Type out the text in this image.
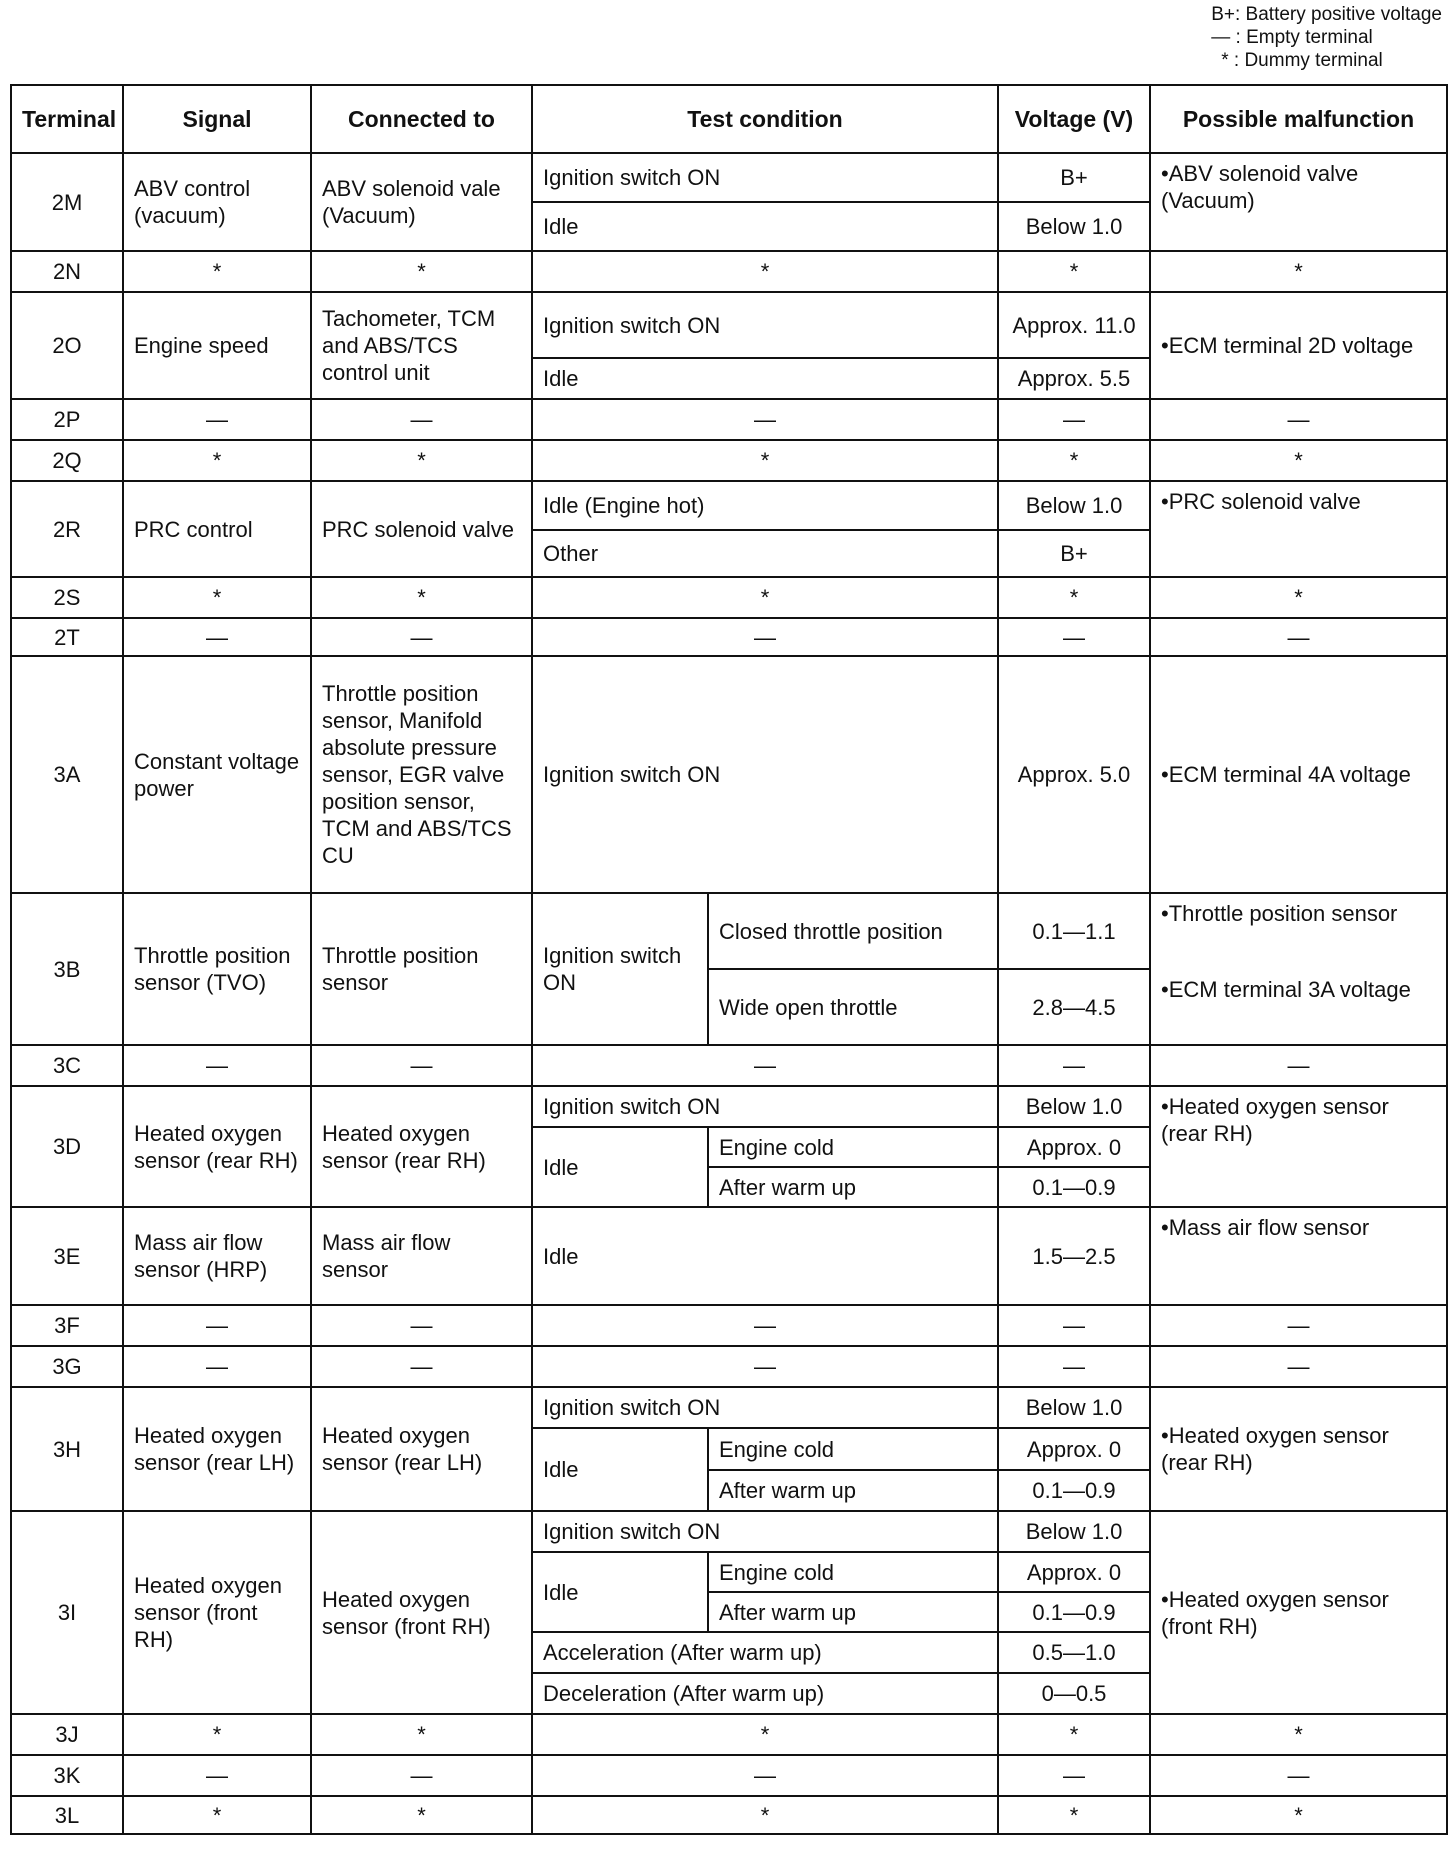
B+: Battery positive voltage
— : Empty terminal
* : Dummy terminal
Terminal	Signal	Connected to	Test condition		Voltage (V)	Possible malfunction
2M	ABV control (vacuum)	ABV solenoid vale (Vacuum)	Ignition switch ON		B+	• ABV solenoid valve (Vacuum)
			Idle		Below 1.0	
2N	*	*	*		*	*
2O	Engine speed	Tachometer, TCM and ABS/TCS control unit	Ignition switch ON		Approx. 11.0	• ECM terminal 2D voltage
			Idle		Approx. 5.5	
2P	—	—	—		—	—
2Q	*	*	*		*	*
2R	PRC control	PRC solenoid valve	Idle (Engine hot)		Below 1.0	• PRC solenoid valve
			Other		B+	
2S	*	*	*		*	*
2T	—	—	—		—	—
3A	Constant voltage power	Throttle position sensor, Manifold absolute pressure sensor, EGR valve position sensor, TCM and ABS/TCS CU	Ignition switch ON		Approx. 5.0	• ECM terminal 4A voltage
3B	Throttle position sensor (TVO)	Throttle position sensor	Ignition switch ON	Closed throttle position	0.1—1.1	• Throttle position sensor
				Wide open throttle	2.8—4.5	• ECM terminal 3A voltage
3C	—	—	—		—	—
3D	Heated oxygen sensor (rear RH)	Heated oxygen sensor (rear RH)	Ignition switch ON		Below 1.0	• Heated oxygen sensor (rear RH)
			Idle	Engine cold	Approx. 0	
				After warm up	0.1—0.9	
3E	Mass air flow sensor (HRP)	Mass air flow sensor	Idle		1.5—2.5	• Mass air flow sensor
3F	—	—	—		—	—
3G	—	—	—		—	—
3H	Heated oxygen sensor (rear LH)	Heated oxygen sensor (rear LH)	Ignition switch ON		Below 1.0	• Heated oxygen sensor (rear RH)
			Idle	Engine cold	Approx. 0	
				After warm up	0.1—0.9	
3I	Heated oxygen sensor (front RH)	Heated oxygen sensor (front RH)	Ignition switch ON		Below 1.0	• Heated oxygen sensor (front RH)
			Idle	Engine cold	Approx. 0	
				After warm up	0.1—0.9	
			Acceleration (After warm up)		0.5—1.0	
			Deceleration (After warm up)		0—0.5	
3J	*	*	*		*	*
3K	—	—	—		—	—
3L	*	*	*		*	*
